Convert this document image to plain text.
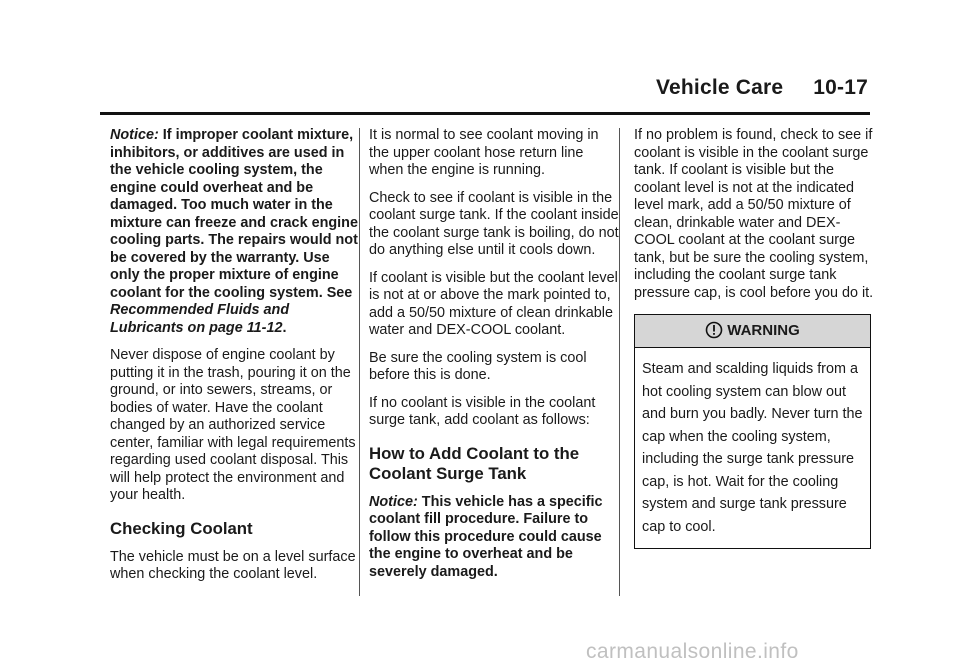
Vehicle Care 10-17

Notice: If improper coolant mixture, inhibitors, or additives are used in the vehicle cooling system, the engine could overheat and be damaged. Too much water in the mixture can freeze and crack engine cooling parts. The repairs would not be covered by the warranty. Use only the proper mixture of engine coolant for the cooling system. See Recommended Fluids and Lubricants on page 11-12.

Never dispose of engine coolant by putting it in the trash, pouring it on the ground, or into sewers, streams, or bodies of water. Have the coolant changed by an authorized service center, familiar with legal requirements regarding used coolant disposal. This will help protect the environment and your health.

Checking Coolant

The vehicle must be on a level surface when checking the coolant level.

It is normal to see coolant moving in the upper coolant hose return line when the engine is running.

Check to see if coolant is visible in the coolant surge tank. If the coolant inside the coolant surge tank is boiling, do not do anything else until it cools down.

If coolant is visible but the coolant level is not at or above the mark pointed to, add a 50/50 mixture of clean drinkable water and DEX-COOL coolant.

Be sure the cooling system is cool before this is done.

If no coolant is visible in the coolant surge tank, add coolant as follows:

How to Add Coolant to the Coolant Surge Tank

Notice: This vehicle has a specific coolant fill procedure. Failure to follow this procedure could cause the engine to overheat and be severely damaged.

If no problem is found, check to see if coolant is visible in the coolant surge tank. If coolant is visible but the coolant level is not at the indicated level mark, add a 50/50 mixture of clean, drinkable water and DEX-COOL coolant at the coolant surge tank, but be sure the cooling system, including the coolant surge tank pressure cap, is cool before you do it.

WARNING
Steam and scalding liquids from a hot cooling system can blow out and burn you badly. Never turn the cap when the cooling system, including the surge tank pressure cap, is hot. Wait for the cooling system and surge tank pressure cap to cool.
carmanualsonline.info
